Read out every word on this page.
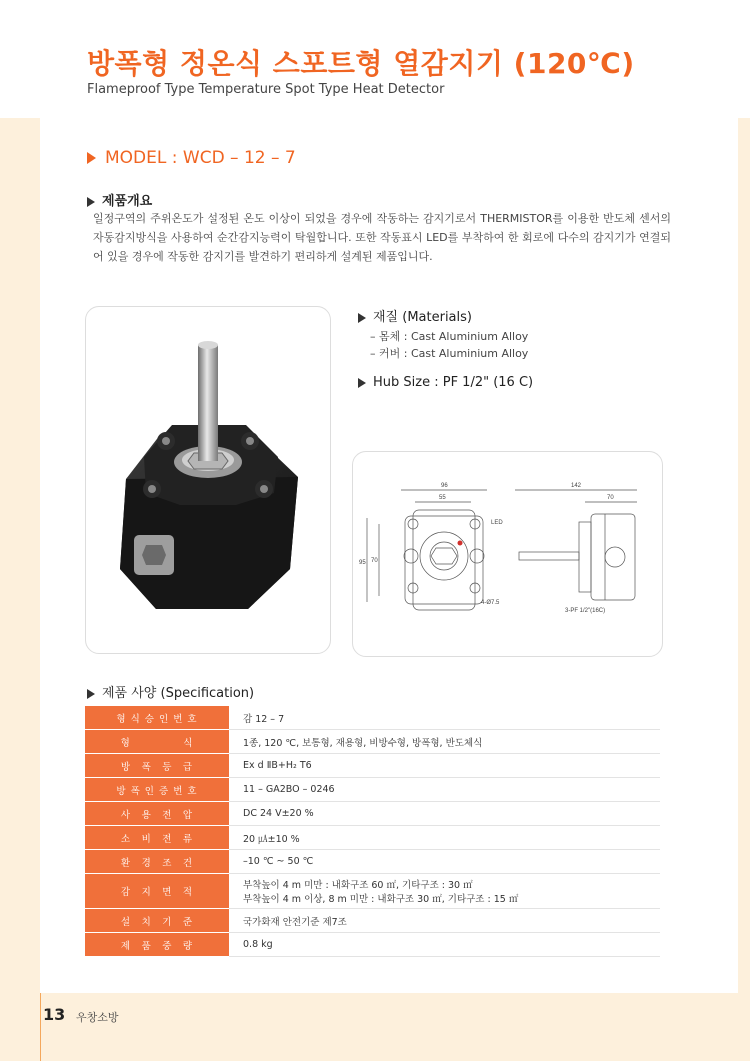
방폭형 정온식 스포트형 열감지기 (120℃)
Flameproof Type Temperature Spot Type Heat Detector
MODEL : WCD – 12 – 7
제품개요
일정구역의 주위온도가 설정된 온도 이상이 되었을 경우에 작동하는 감지기로서 THERMISTOR를 이용한 반도체 센서의 자동감지방식을 사용하여 순간감지능력이 탁월합니다. 또한 작동표시 LED를 부착하여 한 회로에 다수의 감지기가 연결되어 있을 경우에 작동한 감지기를 발견하기 편리하게 설계된 제품입니다.
재질 (Materials)
– 몸체 : Cast Aluminium Alloy
– 커버 : Cast Aluminium Alloy
Hub Size : PF 1/2" (16 C)
96
55
142
70
95 70
LED
4-Ø7.5
3-PF 1/2"(16C)
제품 사양 (Specification)
형 식 승 인 번 호	감 12 – 7
형　　　　　식	1종, 120 ℃, 보통형, 재용형, 비방수형, 방폭형, 반도체식
방　폭　등　급	Ex d ⅡB+H₂ T6
방 폭 인 증 번 호	11 – GA2BO – 0246
사　용　전　압	DC 24 V±20 %
소　비　전　류	20 ㎂±10 %
환　경　조　건	–10 ℃ ~ 50 ℃
감　지　면　적	부착높이 4 m 미만 : 내화구조 60 ㎡, 기타구조 : 30 ㎡
부착높이 4 m 이상, 8 m 미만 : 내화구조 30 ㎡, 기타구조 : 15 ㎡

설　치　기　준	국가화재 안전기준 제7조
제　품　중　량	0.8 kg
13 우창소방
